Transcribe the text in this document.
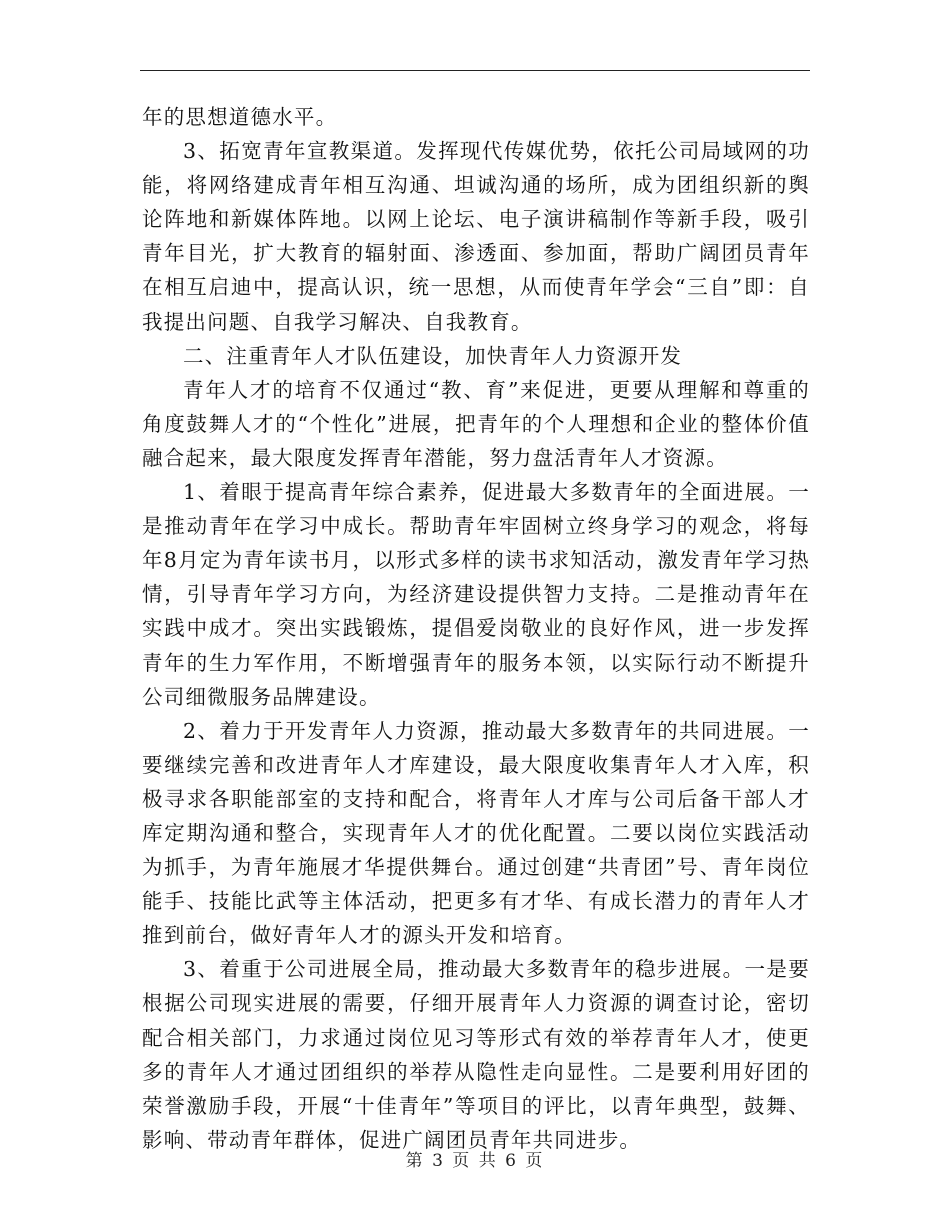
年的思想道德水平。

3、拓宽青年宣教渠道。发挥现代传媒优势，依托公司局域网的功能，将网络建成青年相互沟通、坦诚沟通的场所，成为团组织新的舆论阵地和新媒体阵地。以网上论坛、电子演讲稿制作等新手段，吸引青年目光，扩大教育的辐射面、渗透面、参加面，帮助广阔团员青年在相互启迪中，提高认识，统一思想，从而使青年学会“三自”即：自我提出问题、自我学习解决、自我教育。

二、注重青年人才队伍建设，加快青年人力资源开发

青年人才的培育不仅通过“教、育”来促进，更要从理解和尊重的角度鼓舞人才的“个性化”进展，把青年的个人理想和企业的整体价值融合起来，最大限度发挥青年潜能，努力盘活青年人才资源。

1、着眼于提高青年综合素养，促进最大多数青年的全面进展。一是推动青年在学习中成长。帮助青年牢固树立终身学习的观念，将每年8月定为青年读书月，以形式多样的读书求知活动，激发青年学习热情，引导青年学习方向，为经济建设提供智力支持。二是推动青年在实践中成才。突出实践锻炼，提倡爱岗敬业的良好作风，进一步发挥青年的生力军作用，不断增强青年的服务本领，以实际行动不断提升公司细微服务品牌建设。

2、着力于开发青年人力资源，推动最大多数青年的共同进展。一要继续完善和改进青年人才库建设，最大限度收集青年人才入库，积极寻求各职能部室的支持和配合，将青年人才库与公司后备干部人才库定期沟通和整合，实现青年人才的优化配置。二要以岗位实践活动为抓手，为青年施展才华提供舞台。通过创建“共青团”号、青年岗位能手、技能比武等主体活动，把更多有才华、有成长潜力的青年人才推到前台，做好青年人才的源头开发和培育。

3、着重于公司进展全局，推动最大多数青年的稳步进展。一是要根据公司现实进展的需要，仔细开展青年人力资源的调查讨论，密切配合相关部门，力求通过岗位见习等形式有效的举荐青年人才，使更多的青年人才通过团组织的举荐从隐性走向显性。二是要利用好团的荣誉激励手段，开展“十佳青年”等项目的评比，以青年典型，鼓舞、影响、带动青年群体，促进广阔团员青年共同进步。

第 3 页 共 6 页
